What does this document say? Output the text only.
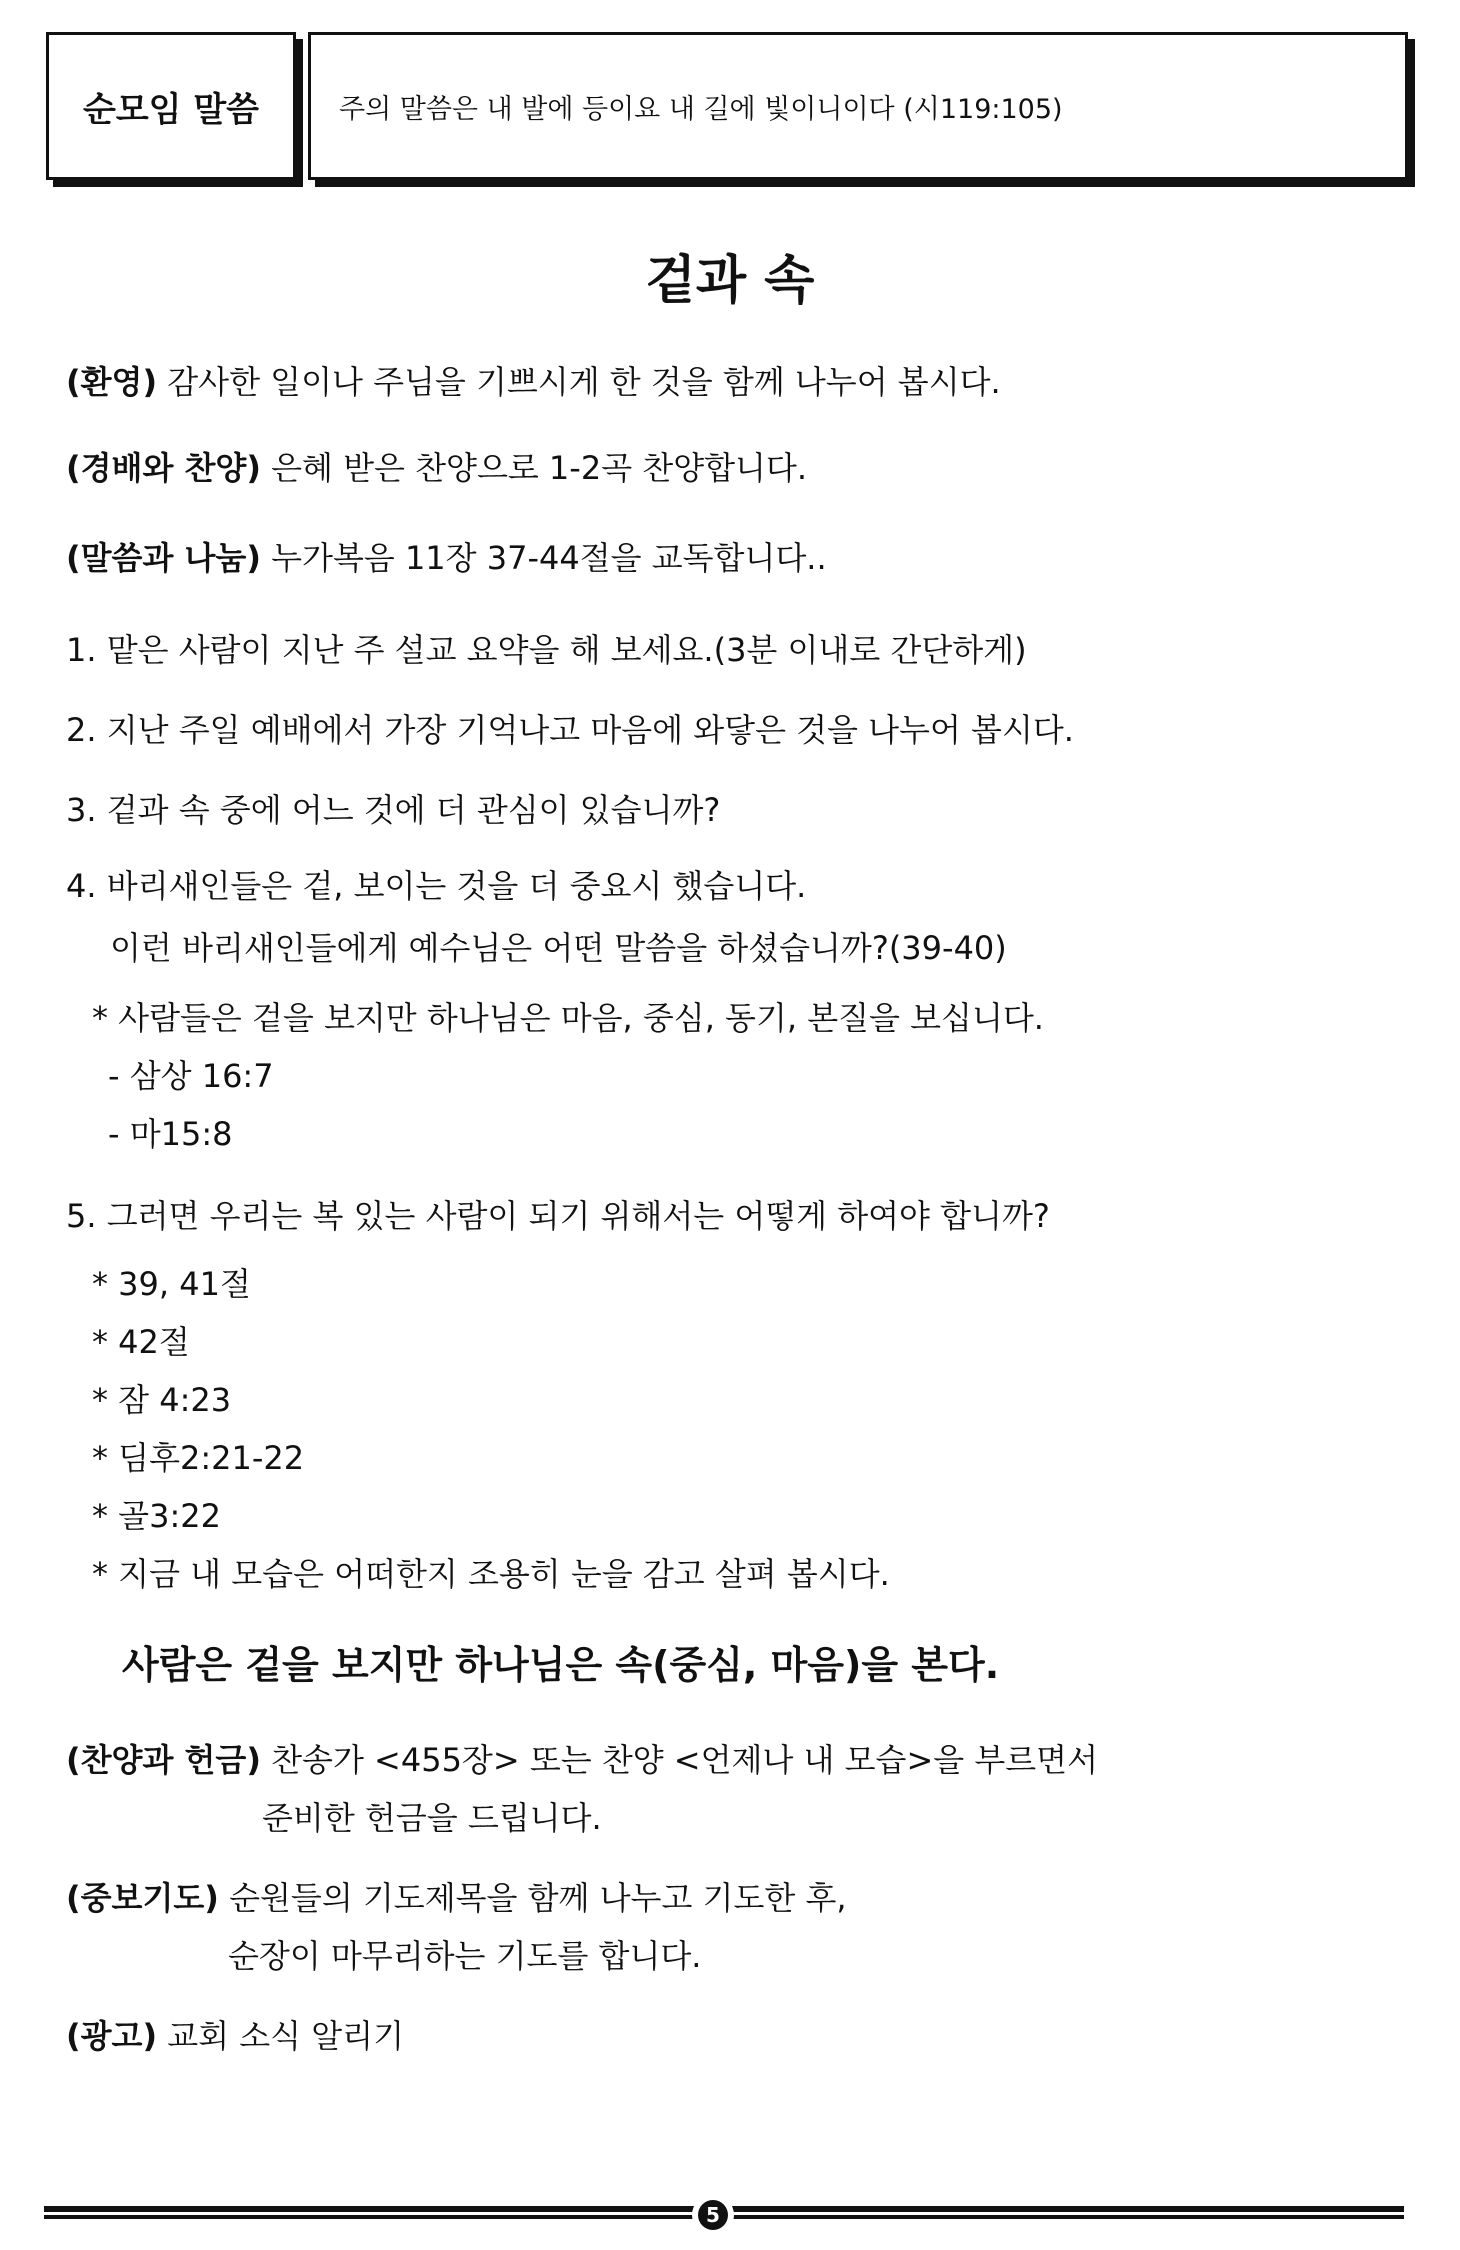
순모임 말씀	주의 말씀은 내 발에 등이요 내 길에 빛이니이다 (시119:105)
겉과 속
(환영) 감사한 일이나 주님을 기쁘시게 한 것을 함께 나누어 봅시다.
(경배와 찬양) 은혜 받은 찬양으로 1-2곡 찬양합니다.
(말씀과 나눔) 누가복음 11장 37-44절을 교독합니다..
1. 맡은 사람이 지난 주 설교 요약을 해 보세요.(3분 이내로 간단하게)
2. 지난 주일 예배에서 가장 기억나고 마음에 와닿은 것을 나누어 봅시다.
3. 겉과 속 중에 어느 것에 더 관심이 있습니까?
4. 바리새인들은 겉, 보이는 것을 더 중요시 했습니다.
이런 바리새인들에게 예수님은 어떤 말씀을 하셨습니까?(39-40)
* 사람들은 겉을 보지만 하나님은 마음, 중심, 동기, 본질을 보십니다.
- 삼상 16:7
- 마15:8
5. 그러면 우리는 복 있는 사람이 되기 위해서는 어떻게 하여야 합니까?
* 39, 41절
* 42절
* 잠 4:23
* 딤후2:21-22
* 골3:22
* 지금 내 모습은 어떠한지 조용히 눈을 감고 살펴 봅시다.
사람은 겉을 보지만 하나님은 속(중심, 마음)을 본다.
(찬양과 헌금) 찬송가 <455장> 또는 찬양 <언제나 내 모습>을 부르면서
준비한 헌금을 드립니다.
(중보기도) 순원들의 기도제목을 함께 나누고 기도한 후,
순장이 마무리하는 기도를 합니다.
(광고) 교회 소식 알리기
5
